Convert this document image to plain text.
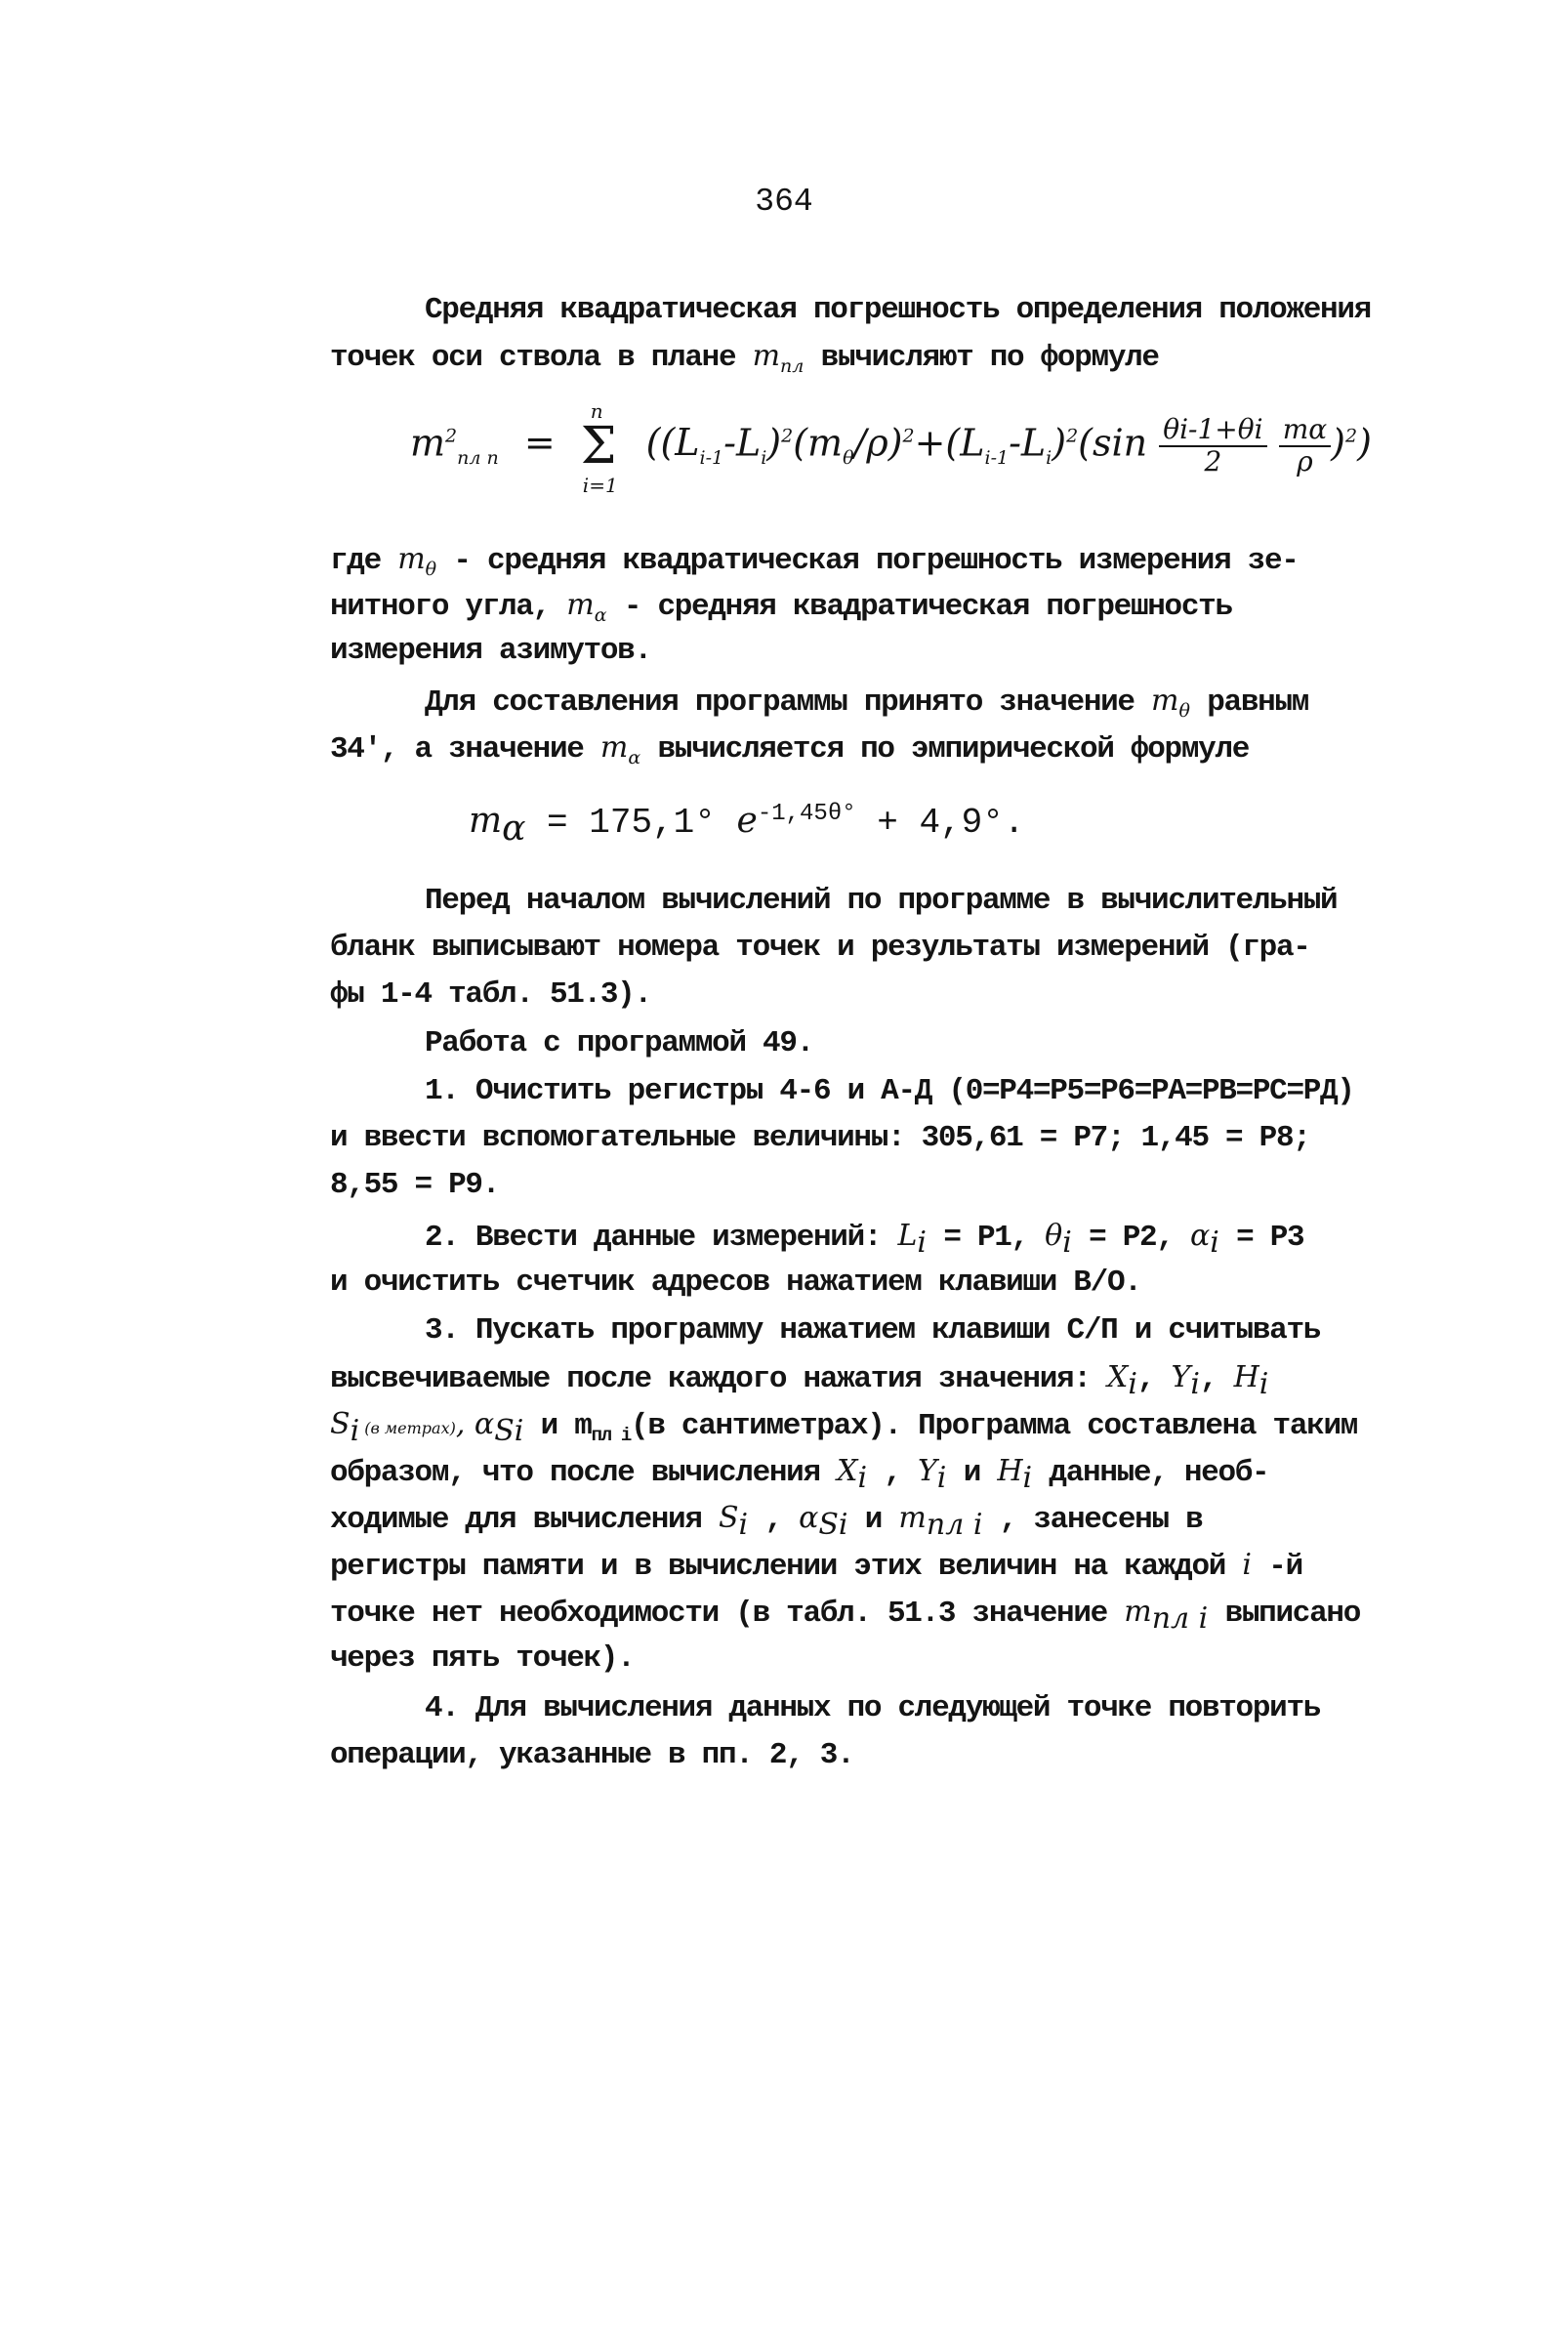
364
Средняя квадратическая погрешность определения положения
точек оси ствола в плане $m_{пл}$ вычисляют по формуле
$m^2_{пл n} = \Sigma$
n
i=1
($(L_{i-1}-L_i)^2(m_\theta/\rho)^2+(L_{i-1}-L_i)^2(\sin \frac{\theta i-1+\theta i}{2}$
$\frac{m\alpha}{\rho} )^2$)
где $m_\theta$ - средняя квадратическая погрешность измерения зе-
нитного угла, $m_\alpha$ - средняя квадратическая погрешность
измерения азимутов.
Для составления программы принято значение $m_\theta$ равным
34′, а значение $m_\alpha$ вычисляется по эмпирической формуле
$m_\alpha = 175,1^\circ$ $e^{-1,45\theta^\circ} + 4,9^\circ$.
Перед началом вычислений по программе в вычислительный
бланк выписывают номера точек и результаты измерений (гра-
фы 1-4 табл. 51.3).
Работа с программой 49.
1. Очистить регистры 4-6 и А-Д (0=Р4=Р5=Р6=РА=РВ=РС=РД)
и ввести вспомогательные величины: 305,61 = Р7; 1,45 = Р8;
8,55 = Р9.
2. Ввести данные измерений: $L_i = Р1$, $\theta_i = Р2$, $\alpha_i = Р3$
и очистить счетчик адресов нажатием клавиши В/О.
3. Пускать программу нажатием клавиши С/П и считывать
высвечиваемые после каждого нажатия значения: $X_i$, $Y_i$, $H_i$
$S_i$ (в метрах), $\alpha_{Si}$ и $m_{пл i}(в$ сантиметрах). Программа составлена таким
образом, что после вычисления $X_i$ , $Y_i$ и $H_i$ данные, необ-
ходимые для вычисления $S_i$ , $\alpha_{Si}$ и $m_{пл i}$ , занесены в
регистры памяти и в вычислении этих величин на каждой i -й
точке нет необходимости (в табл. 51.3 значение $m_{пл i}$ выписано
через пять точек).
4. Для вычисления данных по следующей точке повторить
операции, указанные в пп. 2, 3.
